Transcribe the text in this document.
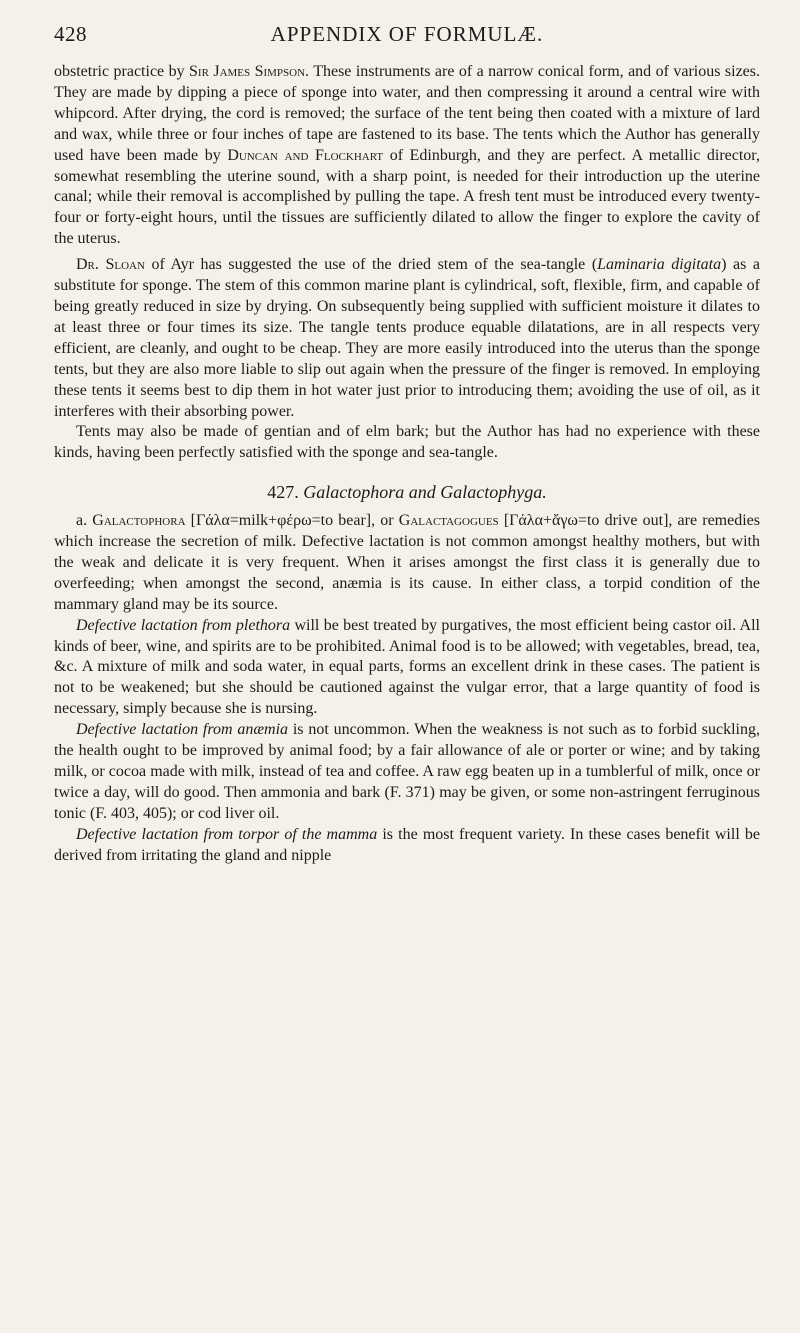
428	APPENDIX OF FORMULÆ.

obstetric practice by Sir James Simpson. These instruments are of a narrow conical form, and of various sizes. They are made by dipping a piece of sponge into water, and then compressing it around a central wire with whipcord. After drying, the cord is removed; the surface of the tent being then coated with a mixture of lard and wax, while three or four inches of tape are fastened to its base. The tents which the Author has generally used have been made by Duncan and Flockhart of Edinburgh, and they are perfect. A metallic director, somewhat resembling the uterine sound, with a sharp point, is needed for their introduction up the uterine canal; while their removal is accomplished by pulling the tape. A fresh tent must be introduced every twenty-four or forty-eight hours, until the tissues are sufficiently dilated to allow the finger to explore the cavity of the uterus.

Dr. Sloan of Ayr has suggested the use of the dried stem of the sea-tangle (Laminaria digitata) as a substitute for sponge. The stem of this common marine plant is cylindrical, soft, flexible, firm, and capable of being greatly reduced in size by drying. On subsequently being supplied with sufficient moisture it dilates to at least three or four times its size. The tangle tents produce equable dilatations, are in all respects very efficient, are cleanly, and ought to be cheap. They are more easily introduced into the uterus than the sponge tents, but they are also more liable to slip out again when the pressure of the finger is removed. In employing these tents it seems best to dip them in hot water just prior to introducing them; avoiding the use of oil, as it interferes with their absorbing power.

Tents may also be made of gentian and of elm bark; but the Author has had no experience with these kinds, having been perfectly satisfied with the sponge and sea-tangle.

427. Galactophora and Galactophyga.

a. Galactophora [Γάλα=milk+φέρω=to bear], or Galactagogues [Γάλα+ἄγω=to drive out], are remedies which increase the secretion of milk. Defective lactation is not common amongst healthy mothers, but with the weak and delicate it is very frequent. When it arises amongst the first class it is generally due to overfeeding; when amongst the second, anæmia is its cause. In either class, a torpid condition of the mammary gland may be its source.

Defective lactation from plethora will be best treated by purgatives, the most efficient being castor oil. All kinds of beer, wine, and spirits are to be prohibited. Animal food is to be allowed; with vegetables, bread, tea, &c. A mixture of milk and soda water, in equal parts, forms an excellent drink in these cases. The patient is not to be weakened; but she should be cautioned against the vulgar error, that a large quantity of food is necessary, simply because she is nursing.

Defective lactation from anæmia is not uncommon. When the weakness is not such as to forbid suckling, the health ought to be improved by animal food; by a fair allowance of ale or porter or wine; and by taking milk, or cocoa made with milk, instead of tea and coffee. A raw egg beaten up in a tumblerful of milk, once or twice a day, will do good. Then ammonia and bark (F. 371) may be given, or some non-astringent ferruginous tonic (F. 403, 405); or cod liver oil.

Defective lactation from torpor of the mamma is the most frequent variety. In these cases benefit will be derived from irritating the gland and nipple
